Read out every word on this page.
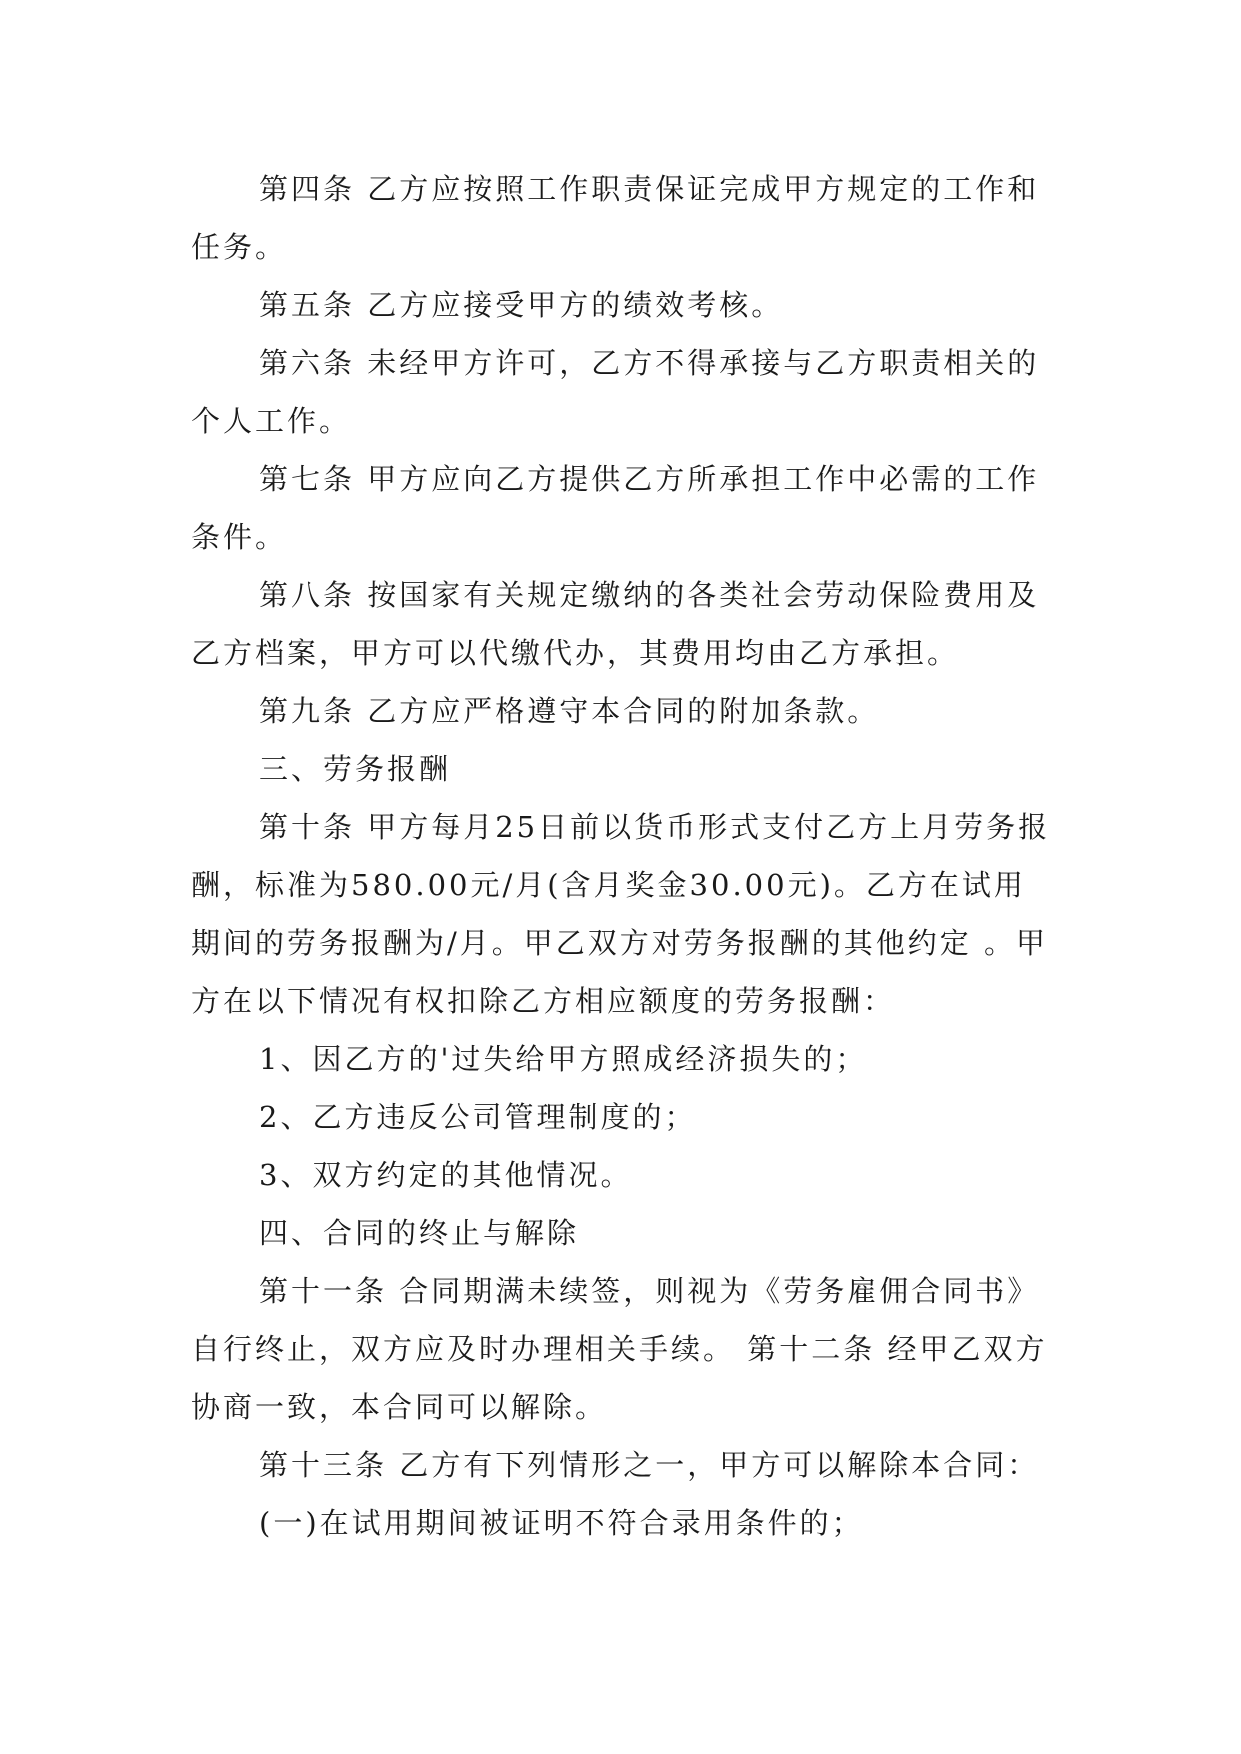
第四条 乙方应按照工作职责保证完成甲方规定的工作和任务。

第五条 乙方应接受甲方的绩效考核。

第六条 未经甲方许可，乙方不得承接与乙方职责相关的个人工作。

第七条 甲方应向乙方提供乙方所承担工作中必需的工作条件。

第八条 按国家有关规定缴纳的各类社会劳动保险费用及乙方档案，甲方可以代缴代办，其费用均由乙方承担。

第九条 乙方应严格遵守本合同的附加条款。

三、劳务报酬

第十条 甲方每月25日前以货币形式支付乙方上月劳务报酬，标准为580.00元/月(含月奖金30.00元)。乙方在试用期间的劳务报酬为/月。甲乙双方对劳务报酬的其他约定 。甲方在以下情况有权扣除乙方相应额度的劳务报酬：

1、因乙方的'过失给甲方照成经济损失的；

2、乙方违反公司管理制度的；

3、双方约定的其他情况。

四、合同的终止与解除

第十一条 合同期满未续签，则视为《劳务雇佣合同书》自行终止，双方应及时办理相关手续。 第十二条 经甲乙双方协商一致，本合同可以解除。

第十三条 乙方有下列情形之一，甲方可以解除本合同：

(一)在试用期间被证明不符合录用条件的；
